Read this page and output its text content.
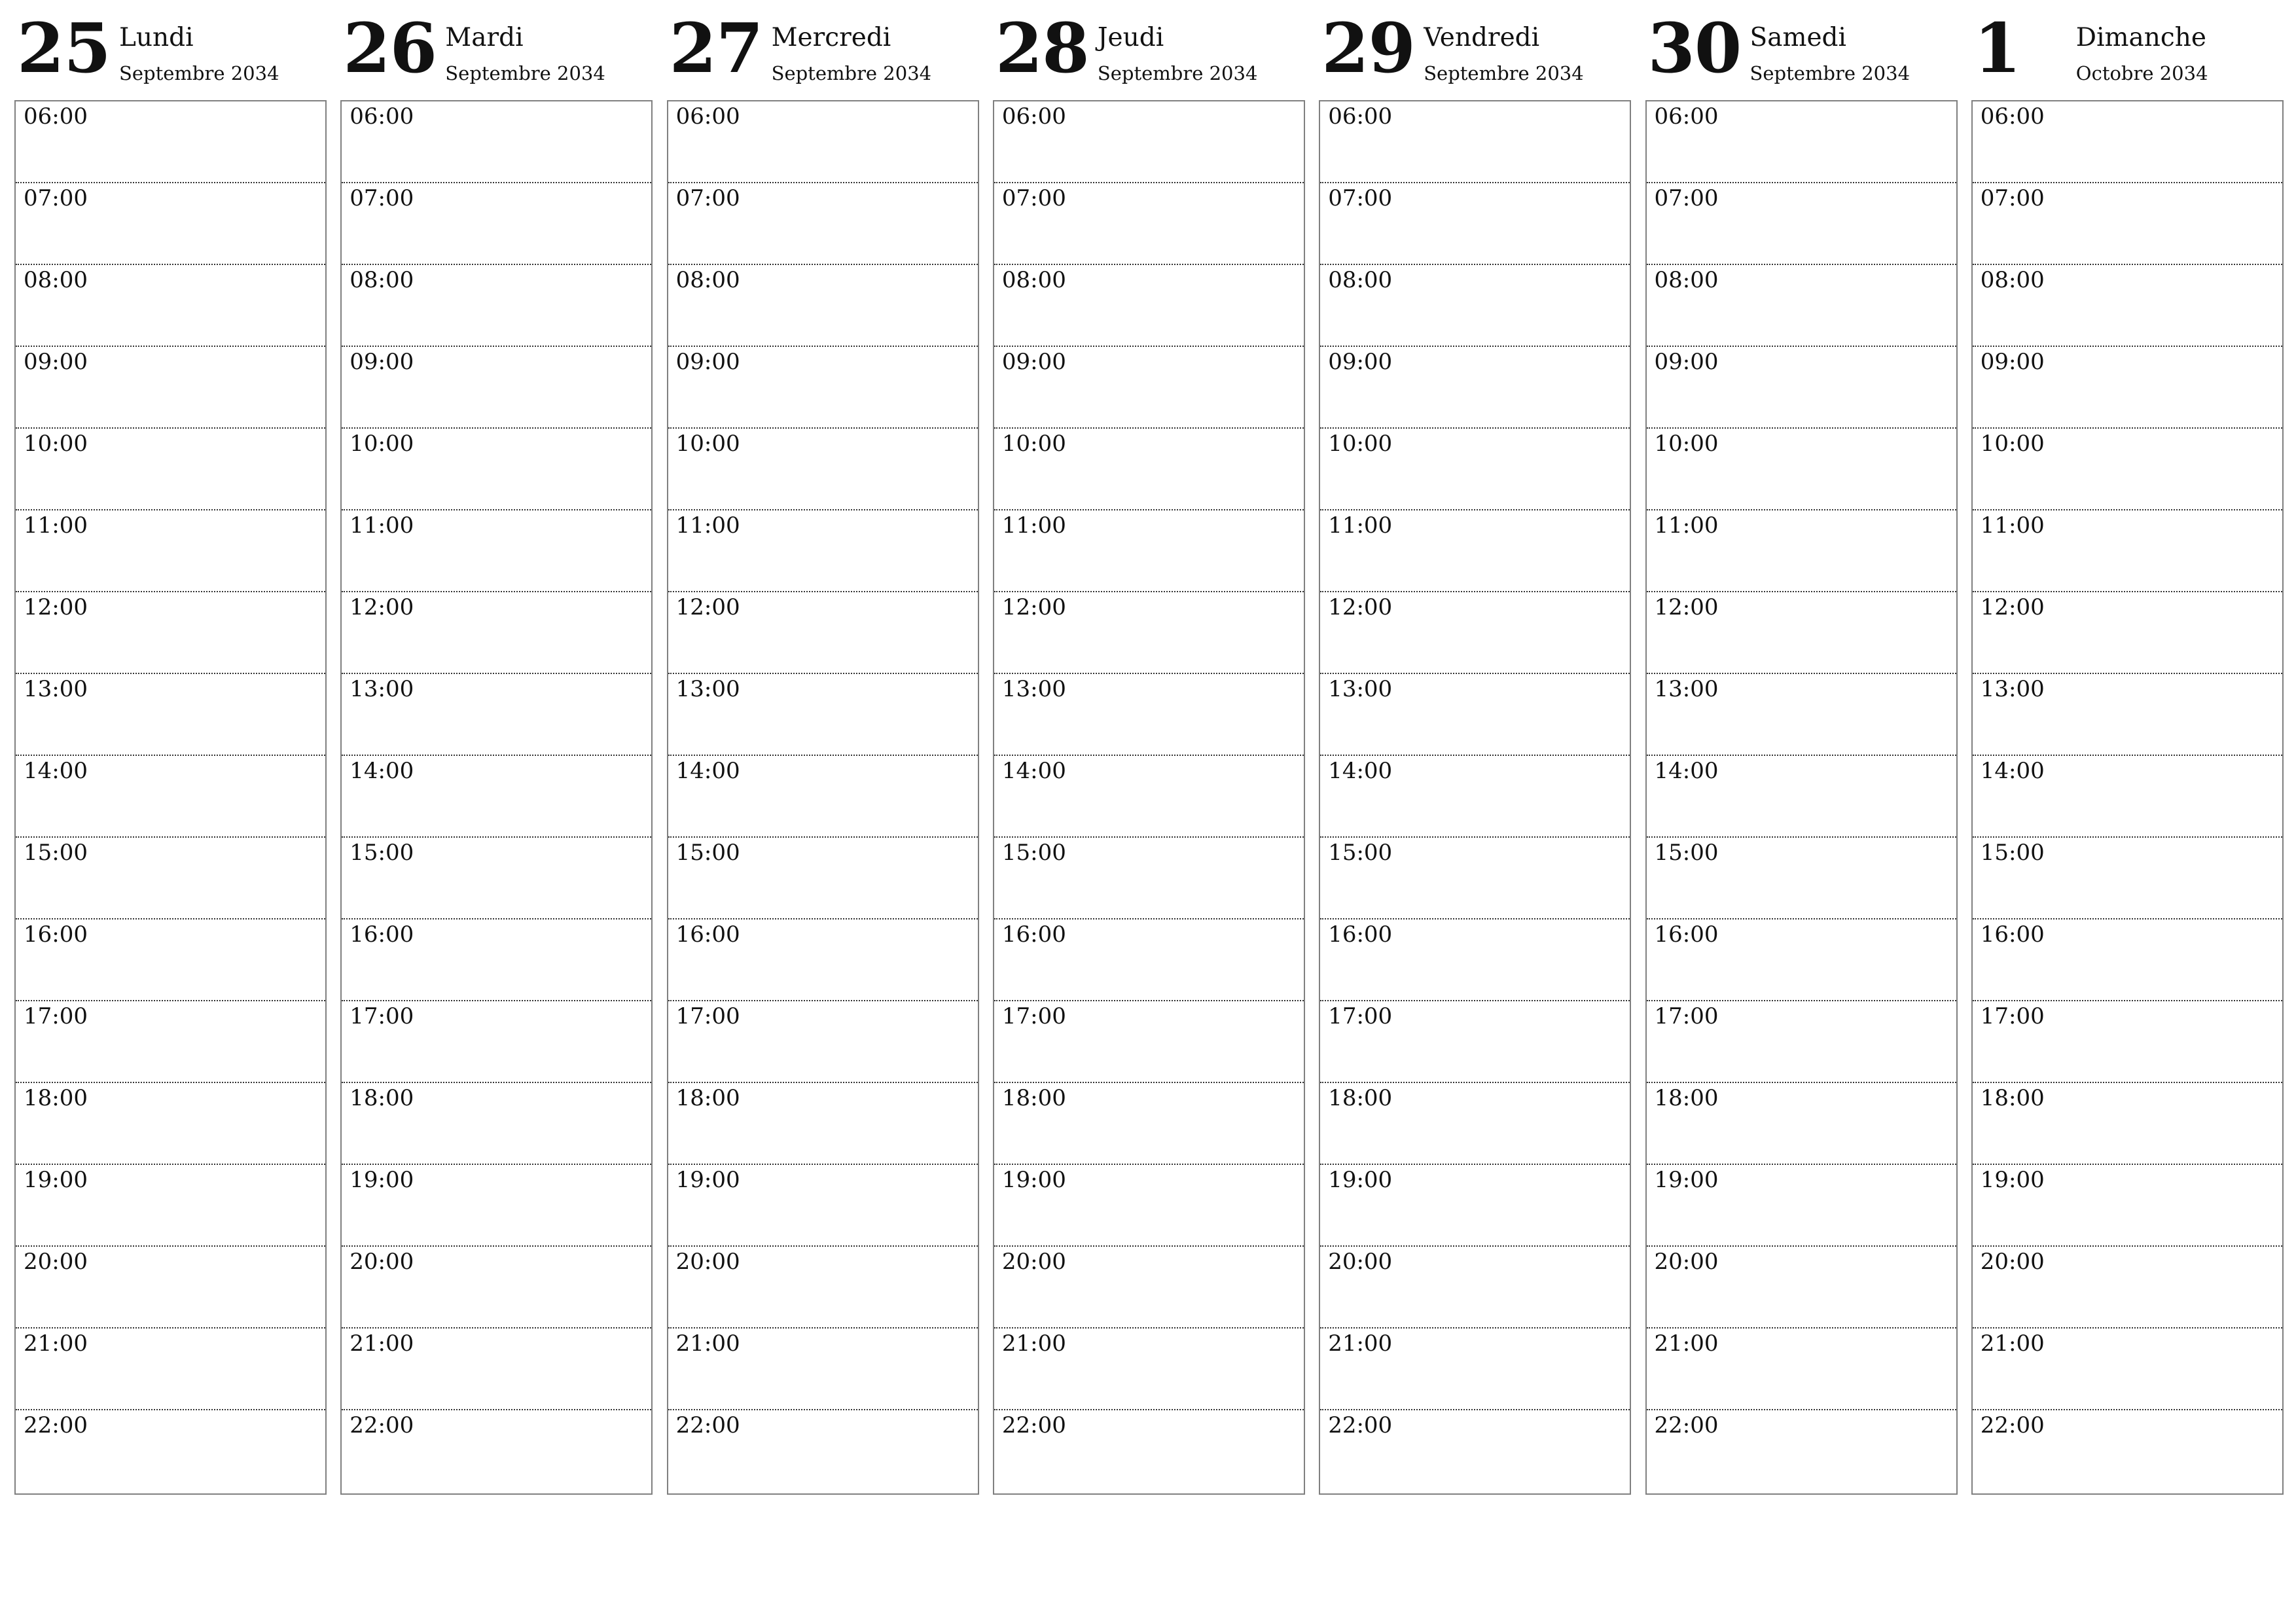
25 Lundi
Septembre 2034
06:00
07:00
08:00
09:00
10:00
11:00
12:00
13:00
14:00
15:00
16:00
17:00
18:00
19:00
20:00
21:00
22:00
26 Mardi
Septembre 2034
06:00
07:00
08:00
09:00
10:00
11:00
12:00
13:00
14:00
15:00
16:00
17:00
18:00
19:00
20:00
21:00
22:00
27 Mercredi
Septembre 2034
06:00
07:00
08:00
09:00
10:00
11:00
12:00
13:00
14:00
15:00
16:00
17:00
18:00
19:00
20:00
21:00
22:00
28 Jeudi
Septembre 2034
06:00
07:00
08:00
09:00
10:00
11:00
12:00
13:00
14:00
15:00
16:00
17:00
18:00
19:00
20:00
21:00
22:00
29 Vendredi
Septembre 2034
06:00
07:00
08:00
09:00
10:00
11:00
12:00
13:00
14:00
15:00
16:00
17:00
18:00
19:00
20:00
21:00
22:00
30 Samedi
Septembre 2034
06:00
07:00
08:00
09:00
10:00
11:00
12:00
13:00
14:00
15:00
16:00
17:00
18:00
19:00
20:00
21:00
22:00
1 Dimanche
Octobre 2034
06:00
07:00
08:00
09:00
10:00
11:00
12:00
13:00
14:00
15:00
16:00
17:00
18:00
19:00
20:00
21:00
22:00
